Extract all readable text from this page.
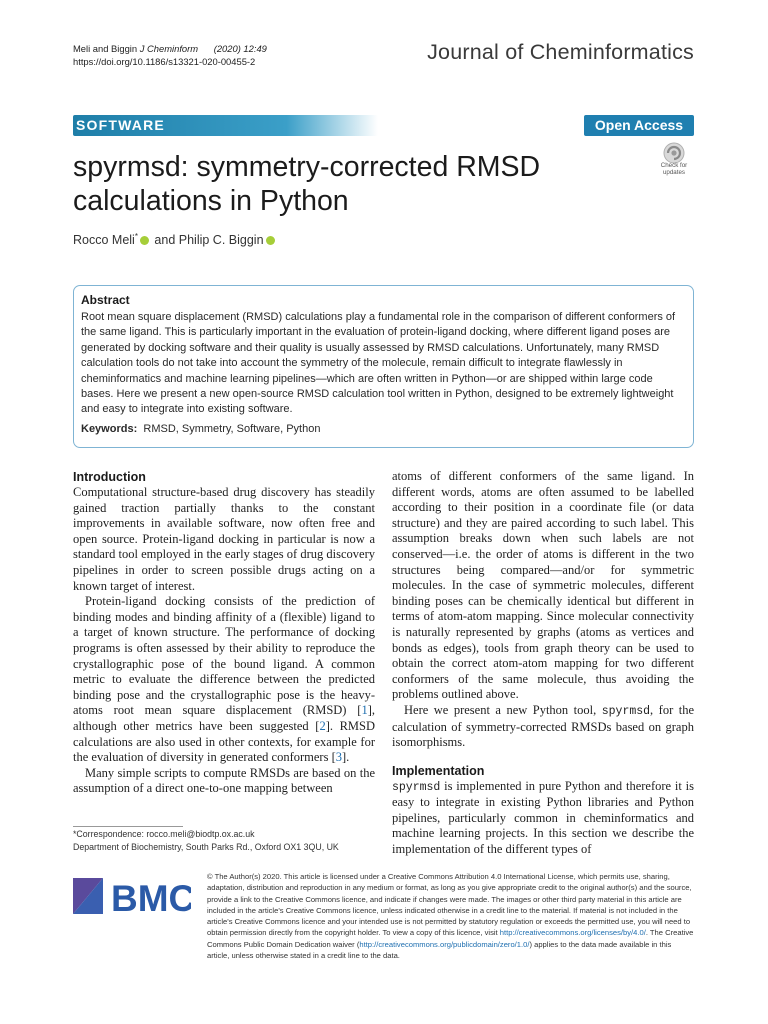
Meli and Biggin J Cheminform (2020) 12:49
https://doi.org/10.1186/s13321-020-00455-2	Journal of Cheminformatics
SOFTWARE	Open Access
spyrmsd: symmetry-corrected RMSD calculations in Python
Check for
updates
Rocco Meli* and Philip C. Biggin
Abstract

Root mean square displacement (RMSD) calculations play a fundamental role in the comparison of different conformers of the same ligand. This is particularly important in the evaluation of protein-ligand docking, where different ligand poses are generated by docking software and their quality is usually assessed by RMSD calculations. Unfortunately, many RMSD calculation tools do not take into account the symmetry of the molecule, remain difficult to integrate flawlessly in cheminformatics and machine learning pipelines—which are often written in Python—or are shipped within large code bases. Here we present a new open-source RMSD calculation tool written in Python, designed to be extremely lightweight and easy to integrate into existing software.

Keywords: RMSD, Symmetry, Software, Python

Introduction

Computational structure-based drug discovery has steadily gained traction partially thanks to the constant improvements in available software, now often free and open source. Protein-ligand docking in particular is now a standard tool employed in the early stages of drug discovery pipelines in order to screen possible drugs acting on a known target of interest.

Protein-ligand docking consists of the prediction of binding modes and binding affinity of a (flexible) ligand to a target of known structure. The performance of docking programs is often assessed by their ability to reproduce the crystallographic pose of the bound ligand. A common metric to evaluate the difference between the predicted binding pose and the crystallographic pose is the heavy-atoms root mean square displacement (RMSD) [1], although other metrics have been suggested [2]. RMSD calculations are also used in other contexts, for example for the evaluation of diversity in generated conformers [3].

Many simple scripts to compute RMSDs are based on the assumption of a direct one-to-one mapping between

atoms of different conformers of the same ligand. In different words, atoms are often assumed to be labelled according to their position in a coordinate file (or data structure) and they are paired according to such label. This assumption breaks down when such labels are not conserved—i.e. the order of atoms is different in the two structures being compared—and/or for symmetric molecules. In the case of symmetric molecules, different binding poses can be chemically identical but different in terms of atom-atom mapping. Since molecular connectivity is naturally represented by graphs (atoms as vertices and bonds as edges), tools from graph theory can be used to obtain the correct atom-atom mapping for two different conformers of the same molecule, thus avoiding the problems outlined above.

Here we present a new Python tool, spyrmsd, for the calculation of symmetry-corrected RMSDs based on graph isomorphisms.

Implementation

spyrmsd is implemented in pure Python and therefore it is easy to integrate in existing Python libraries and Python pipelines, particularly common in cheminformatics and machine learning projects. In this section we describe the implementation of the different types of

*Correspondence: rocco.meli@biodtp.ox.ac.uk
Department of Biochemistry, South Parks Rd., Oxford OX1 3QU, UK
BMC
© The Author(s) 2020. This article is licensed under a Creative Commons Attribution 4.0 International License, which permits use, sharing, adaptation, distribution and reproduction in any medium or format, as long as you give appropriate credit to the original author(s) and the source, provide a link to the Creative Commons licence, and indicate if changes were made. The images or other third party material in this article are included in the article's Creative Commons licence, unless indicated otherwise in a credit line to the material. If material is not included in the article's Creative Commons licence and your intended use is not permitted by statutory regulation or exceeds the permitted use, you will need to obtain permission directly from the copyright holder. To view a copy of this licence, visit http://creativecommons.org/licenses/by/4.0/. The Creative Commons Public Domain Dedication waiver (http://creativecommons.org/publicdomain/zero/1.0/) applies to the data made available in this article, unless otherwise stated in a credit line to the data.
